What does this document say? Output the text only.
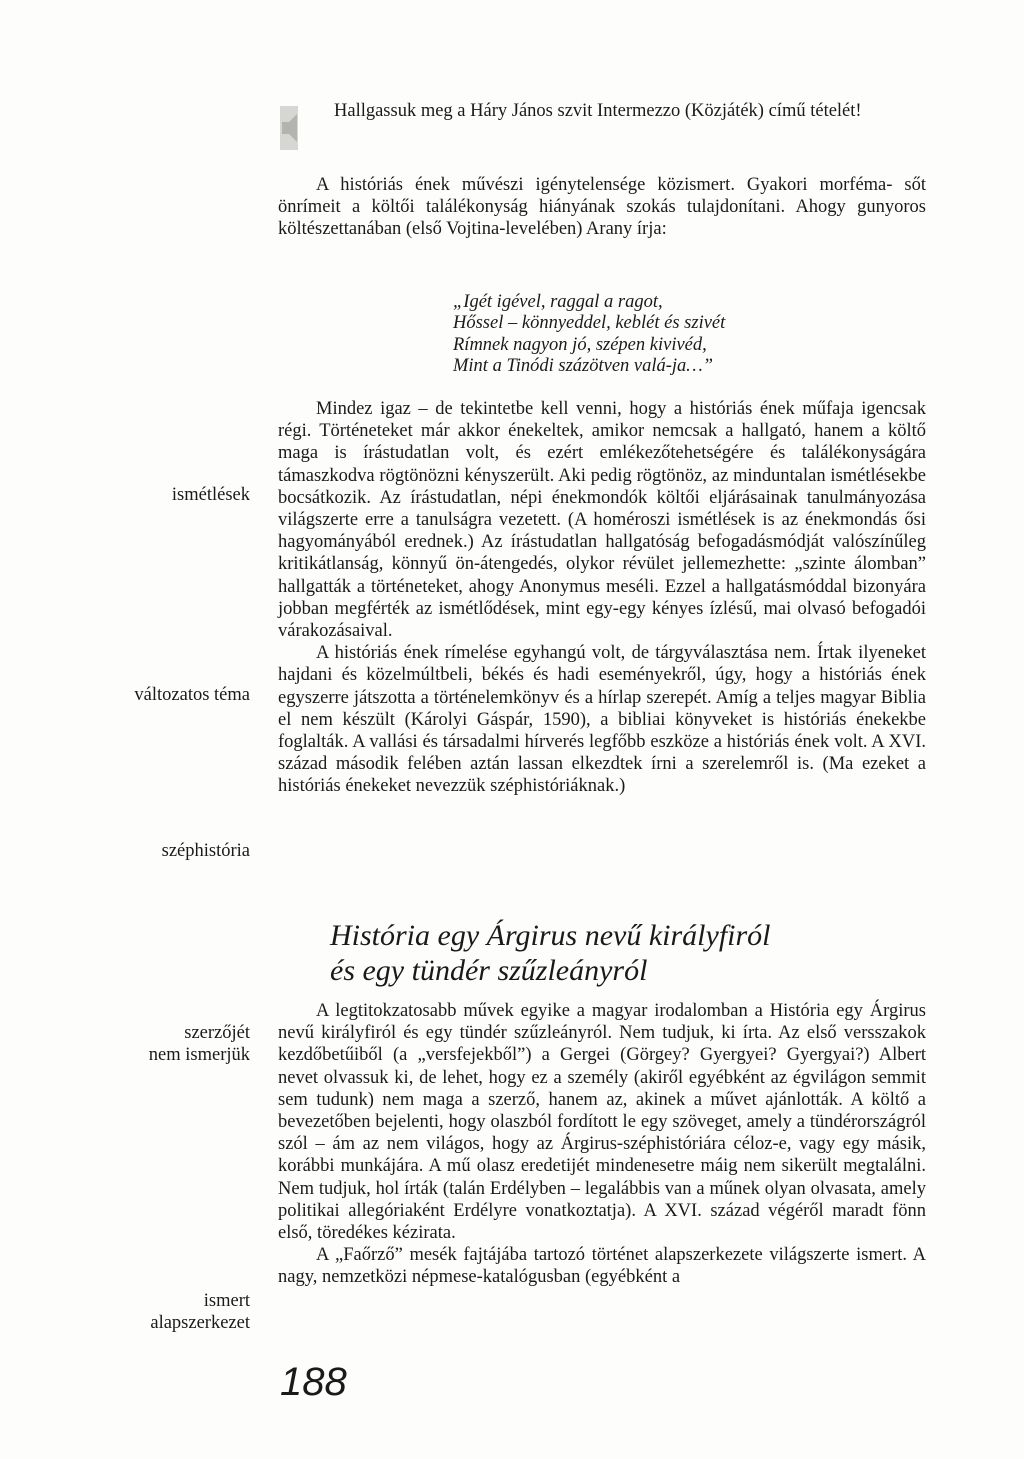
Hallgassuk meg a Háry János szvit Intermezzo (Közjáték) című tételét!

A históriás ének művészi igénytelensége közismert. Gyakori morféma- sőt önrímeit a költői találékonyság hiányának szokás tulajdonítani. Ahogy gunyoros költészettanában (első Vojtina-levelében) Arany írja:

„Igét igével, raggal a ragot,
Hőssel – könnyeddel, keblét és szivét
Rímnek nagyon jó, szépen kivivéd,
Mint a Tinódi százötven valá-ja…”

Mindez igaz – de tekintetbe kell venni, hogy a históriás ének műfaja igencsak régi. Történeteket már akkor énekeltek, amikor nemcsak a hallgató, hanem a költő maga is írástudatlan volt, és ezért emlékezőtehetségére és találékonyságára támaszkodva rögtönözni kényszerült. Aki pedig rögtönöz, az minduntalan ismétlésekbe bocsátkozik. Az írástudatlan, népi énekmondók költői eljárásainak tanulmányozása világszerte erre a tanulságra vezetett. (A homéroszi ismétlések is az énekmondás ősi hagyományából erednek.) Az írástudatlan hallgatóság befogadásmódját valószínűleg kritikátlanság, könnyű ön-átengedés, olykor révület jellemezhette: „szinte álomban” hallgatták a történeteket, ahogy Anonymus meséli. Ezzel a hallgatásmóddal bizonyára jobban megférték az ismétlődések, mint egy-egy kényes ízlésű, mai olvasó befogadói várakozásaival.

A históriás ének rímelése egyhangú volt, de tárgyválasztása nem. Írtak ilyeneket hajdani és közelmúltbeli, békés és hadi eseményekről, úgy, hogy a históriás ének egyszerre játszotta a történelemkönyv és a hírlap szerepét. Amíg a teljes magyar Biblia el nem készült (Károlyi Gáspár, 1590), a bibliai könyveket is históriás énekekbe foglalták. A vallási és társadalmi hírverés legfőbb eszköze a históriás ének volt. A XVI. század második felében aztán lassan elkezdtek írni a szerelemről is. (Ma ezeket a históriás énekeket nevezzük széphistóriáknak.)

ismétlések
változatos téma
széphistória
História egy Árgirus nevű királyfiról
és egy tündér szűzleányról

A legtitokzatosabb művek egyike a magyar irodalomban a História egy Árgirus nevű királyfiról és egy tündér szűzleányról. Nem tudjuk, ki írta. Az első versszakok kezdőbetűiből (a „versfejekből”) a Gergei (Görgey? Gyergyei? Gyergyai?) Albert nevet olvassuk ki, de lehet, hogy ez a személy (akiről egyébként az égvilágon semmit sem tudunk) nem maga a szerző, hanem az, akinek a művet ajánlották. A költő a bevezetőben bejelenti, hogy olaszból fordított le egy szöveget, amely a tündérországról szól – ám az nem világos, hogy az Árgirus-széphistóriára céloz-e, vagy egy másik, korábbi munkájára. A mű olasz eredetijét mindenesetre máig nem sikerült megtalálni. Nem tudjuk, hol írták (talán Erdélyben – legalábbis van a műnek olyan olvasata, amely politikai allegóriaként Erdélyre vonatkoztatja). A XVI. század végéről maradt fönn első, töredékes kézirata.

A „Faőrző” mesék fajtájába tartozó történet alapszerkezete világszerte ismert. A nagy, nemzetközi népmese-katalógusban (egyébként a

szerzőjét
nem ismerjük
ismert
alapszerkezet
188
